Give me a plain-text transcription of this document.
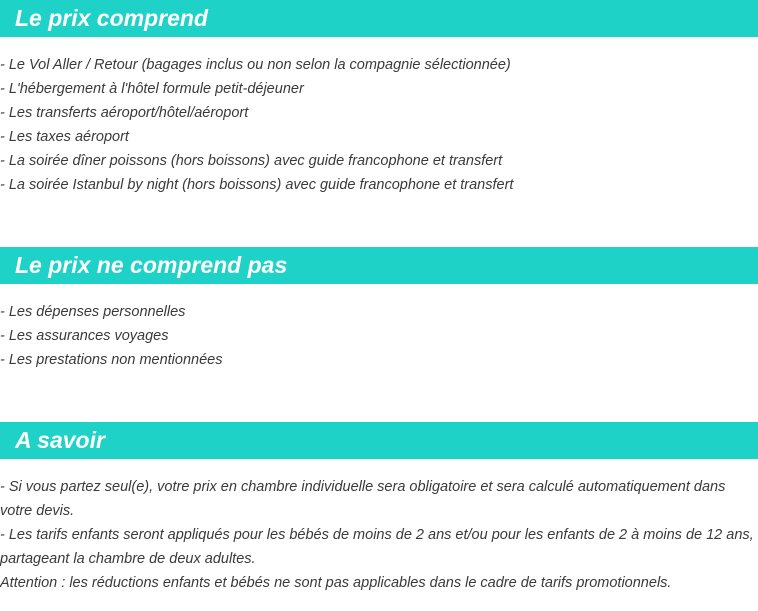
Le prix comprend
- Le Vol Aller / Retour (bagages inclus ou non selon la compagnie sélectionnée)
- L'hébergement à l'hôtel formule petit-déjeuner
- Les transferts aéroport/hôtel/aéroport
- Les taxes aéroport
- La soirée dîner poissons (hors boissons) avec guide francophone et transfert
- La soirée Istanbul by night (hors boissons) avec guide francophone et transfert
Le prix ne comprend pas
- Les dépenses personnelles
- Les assurances voyages
- Les prestations non mentionnées
A savoir
- Si vous partez seul(e), votre prix en chambre individuelle sera obligatoire et sera calculé automatiquement dans votre devis.
- Les tarifs enfants seront appliqués pour les bébés de moins de 2 ans et/ou pour les enfants de 2 à moins de 12 ans, partageant la chambre de deux adultes.
Attention : les réductions enfants et bébés ne sont pas applicables dans le cadre de tarifs promotionnels.
